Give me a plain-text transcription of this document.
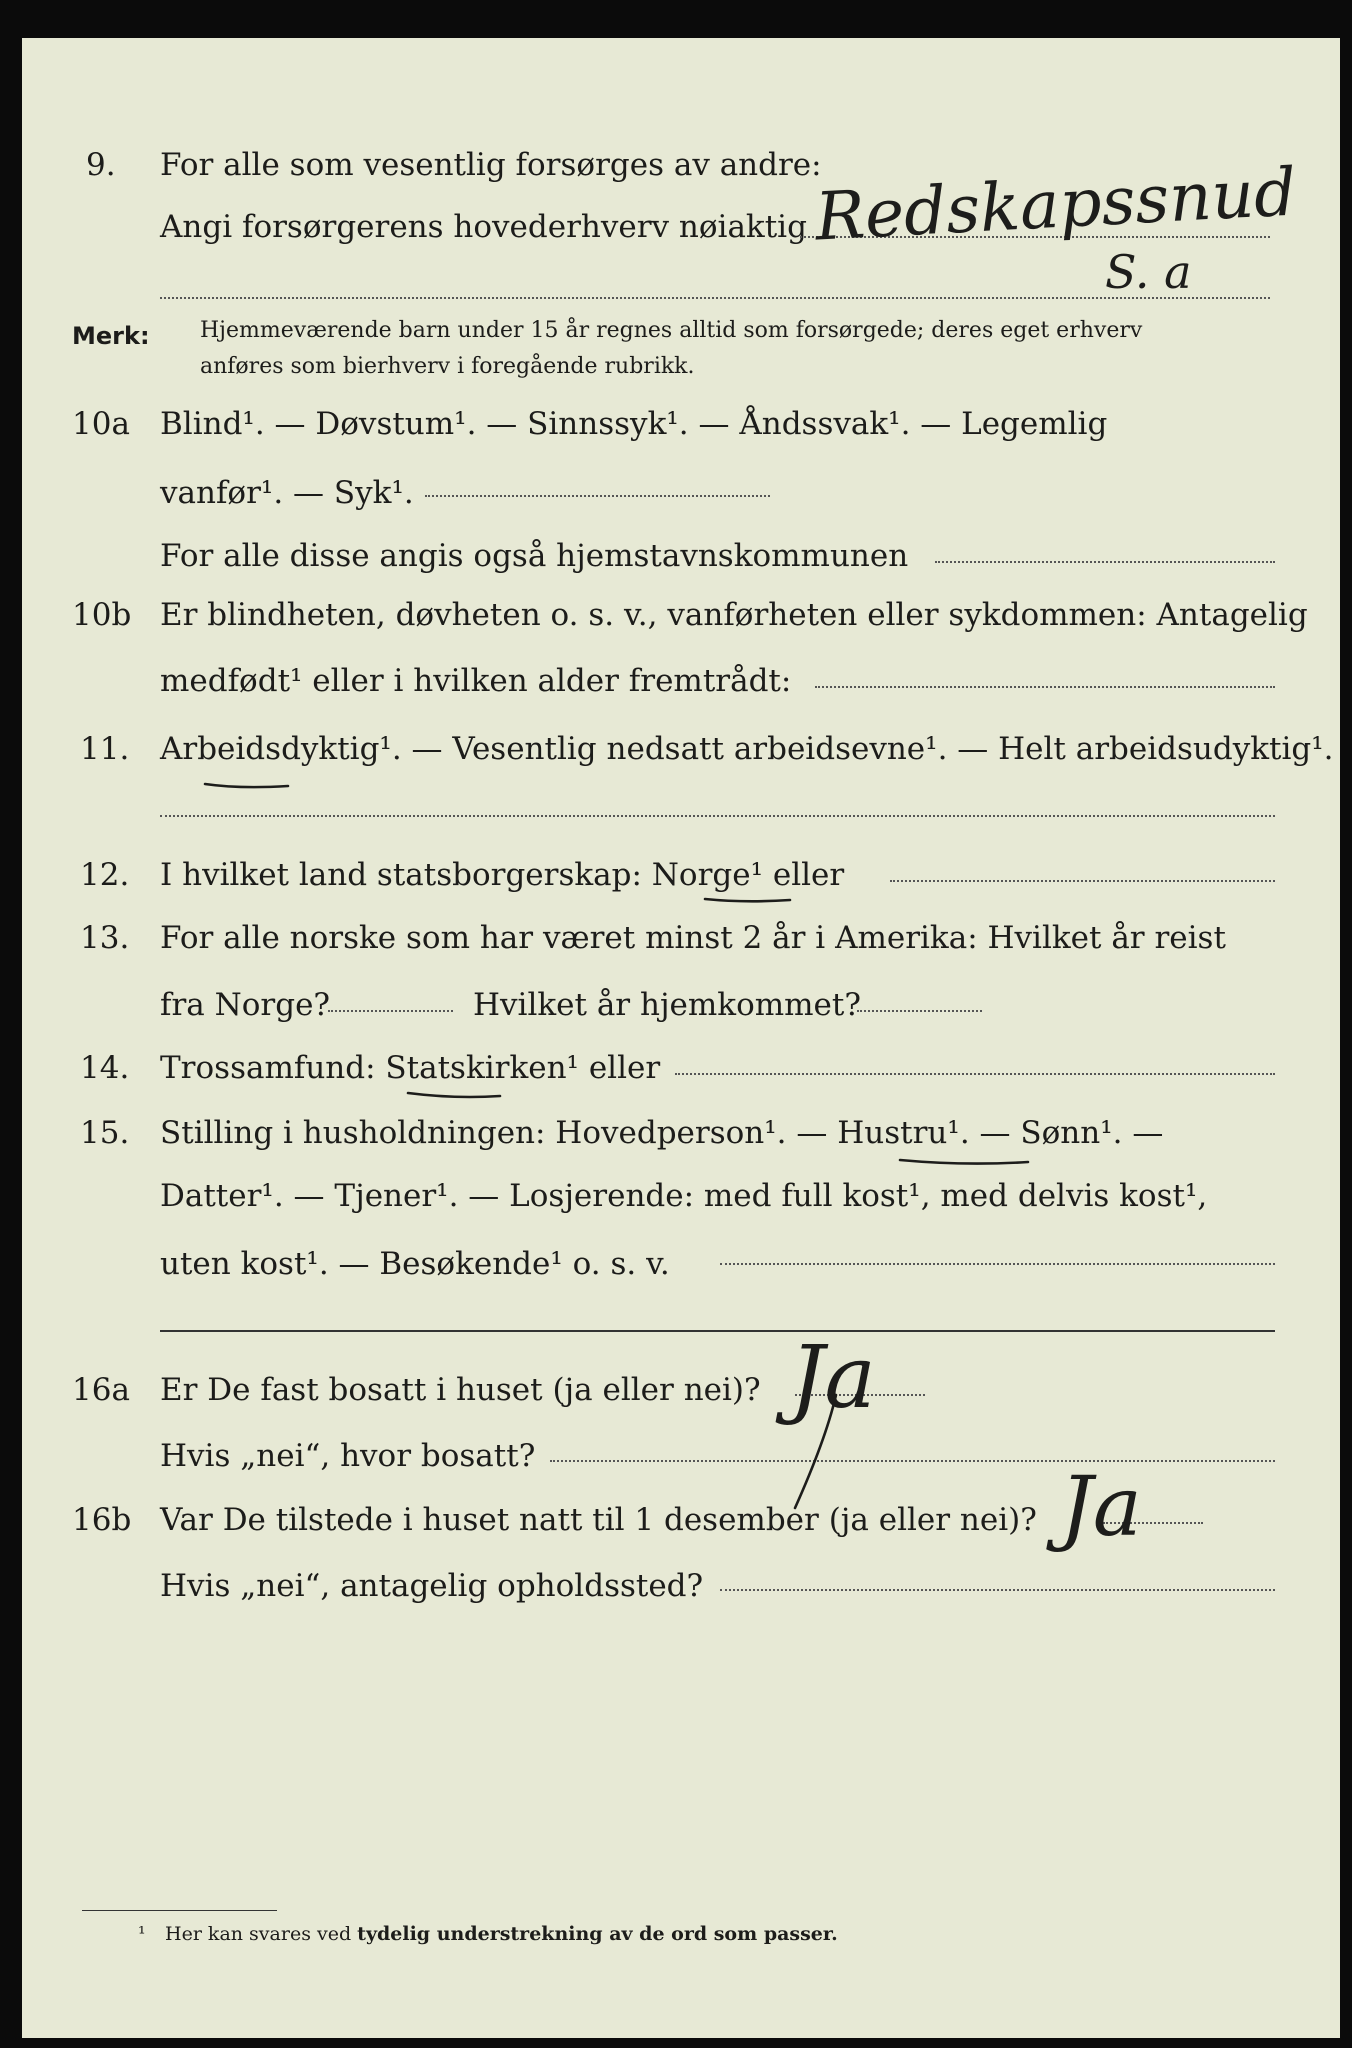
9. For alle som vesentlig forsørges av andre:
Angi forsørgerens hovederhverv nøiaktig Redskapssnud
S. a
Merk: Hjemmeværende barn under 15 år regnes alltid som forsørgede; deres eget erhverv
anføres som bierhverv i foregående rubrikk.
10a Blind¹. — Døvstum¹. — Sinnssyk¹. — Åndssvak¹. — Legemlig
vanfør¹. — Syk¹.
For alle disse angis også hjemstavnskommunen
10b Er blindheten, døvheten o. s. v., vanførheten eller sykdommen: Antagelig
medfødt¹ eller i hvilken alder fremtrådt:
11. Arbeidsdyktig¹. — Vesentlig nedsatt arbeidsevne¹. — Helt arbeidsudyktig¹.
12. I hvilket land statsborgerskap: Norge¹ eller
13. For alle norske som har været minst 2 år i Amerika: Hvilket år reist
fra Norge?	Hvilket år hjemkommet?
14. Trossamfund: Statskirken¹ eller
15. Stilling i husholdningen: Hovedperson¹. — Hustru¹. — Sønn¹. —
Datter¹. — Tjener¹. — Losjerende: med full kost¹, med delvis kost¹,
uten kost¹. — Besøkende¹ o. s. v.
16a Er De fast bosatt i huset (ja eller nei)?
Hvis „nei“, hvor bosatt?
Ja
16b Var De tilstede i huset natt til 1 desember (ja eller nei)?
Hvis „nei“, antagelig opholdssted?
Ja
¹ Her kan svares ved tydelig understrekning av de ord som passer.
